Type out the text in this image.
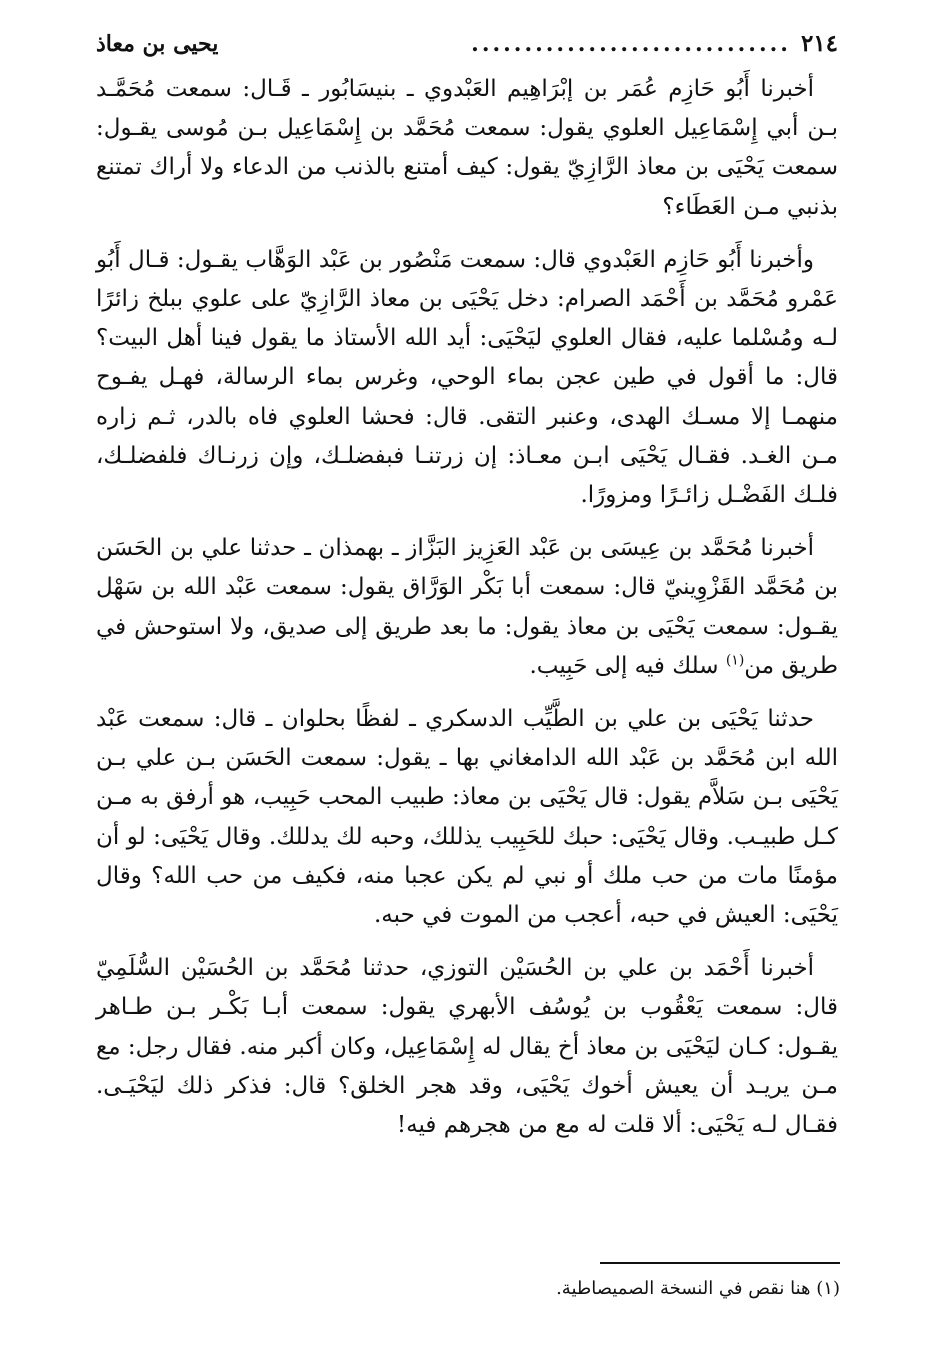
٢١٤
..............................
يحيى بن معاذ

أخبرنا أَبُو حَازِم عُمَر بن إبْرَاهِيم العَبْدوي ـ بنيسَابُور ـ قَـال: سمعت مُحَمَّـد بـن أبي إِسْمَاعِيل العلوي يقول: سمعت مُحَمَّد بن إِسْمَاعِيل بـن مُوسى يقـول: سمعت يَحْيَى بن معاذ الرَّازِيّ يقول: كيف أمتنع بالذنب من الدعاء ولا أراك تمتنع بذنبي مـن العَطَاء؟

وأخبرنا أَبُو حَازِم العَبْدوي قال: سمعت مَنْصُور بن عَبْد الوَهَّاب يقـول: قـال أَبُو عَمْرو مُحَمَّد بن أَحْمَد الصرام: دخل يَحْيَى بن معاذ الرَّازِيّ على علوي ببلخ زائرًا لـه ومُسْلما عليه، فقال العلوي ليَحْيَى: أيد الله الأستاذ ما يقول فينا أهل البيت؟ قال: ما أقول في طين عجن بماء الوحي، وغرس بماء الرسالة، فهـل يفـوح منهمـا إلا مسـك الهدى، وعنبر التقى. قال: فحشا العلوي فاه بالدر، ثـم زاره مـن الغـد. فقـال يَحْيَى ابـن معـاذ: إن زرتنـا فبفضلـك، وإن زرنـاك فلفضلـك، فلـك الفَضْـل زائـرًا ومزورًا.

أخبرنا مُحَمَّد بن عِيسَى بن عَبْد العَزِيز البَزَّاز ـ بهمذان ـ حدثنا علي بن الحَسَن بن مُحَمَّد القَزْوِينيّ قال: سمعت أبا بَكْر الوَرَّاق يقول: سمعت عَبْد الله بن سَهْل يقـول: سمعت يَحْيَى بن معاذ يقول: ما بعد طريق إلى صديق، ولا استوحش في طريق من$^{(١)}$ سلك فيه إلى حَبِيب.

حدثنا يَحْيَى بن علي بن الطَّيِّب الدسكري ـ لفظًا بحلوان ـ قال: سمعت عَبْد الله ابن مُحَمَّد بن عَبْد الله الدامغاني بها ـ يقول: سمعت الحَسَن بـن علي بـن يَحْيَى بـن سَلاَّم يقول: قال يَحْيَى بن معاذ: طبيب المحب حَبِيب، هو أرفق به مـن كـل طبيـب. وقال يَحْيَى: حبك للحَبِيب يذللك، وحبه لك يدللك. وقال يَحْيَى: لو أن مؤمنًا مات من حب ملك أو نبي لم يكن عجبا منه، فكيف من حب الله؟ وقال يَحْيَى: العيش في حبه، أعجب من الموت في حبه.

أخبرنا أَحْمَد بن علي بن الحُسَيْن التوزي، حدثنا مُحَمَّد بن الحُسَيْن السُّلَمِيّ قال: سمعت يَعْقُوب بن يُوسُف الأبهري يقول: سمعت أبـا بَكْـر بـن طـاهر يقـول: كـان ليَحْيَى بن معاذ أخ يقال له إِسْمَاعِيل، وكان أكبر منه. فقال رجل: مع مـن يريـد أن يعيش أخوك يَحْيَى، وقد هجر الخلق؟ قال: فذكر ذلك ليَحْيَـى. فقـال لـه يَحْيَى: ألا قلت له مع من هجرهم فيه!

(١) هنا نقص في النسخة الصميصاطية.
